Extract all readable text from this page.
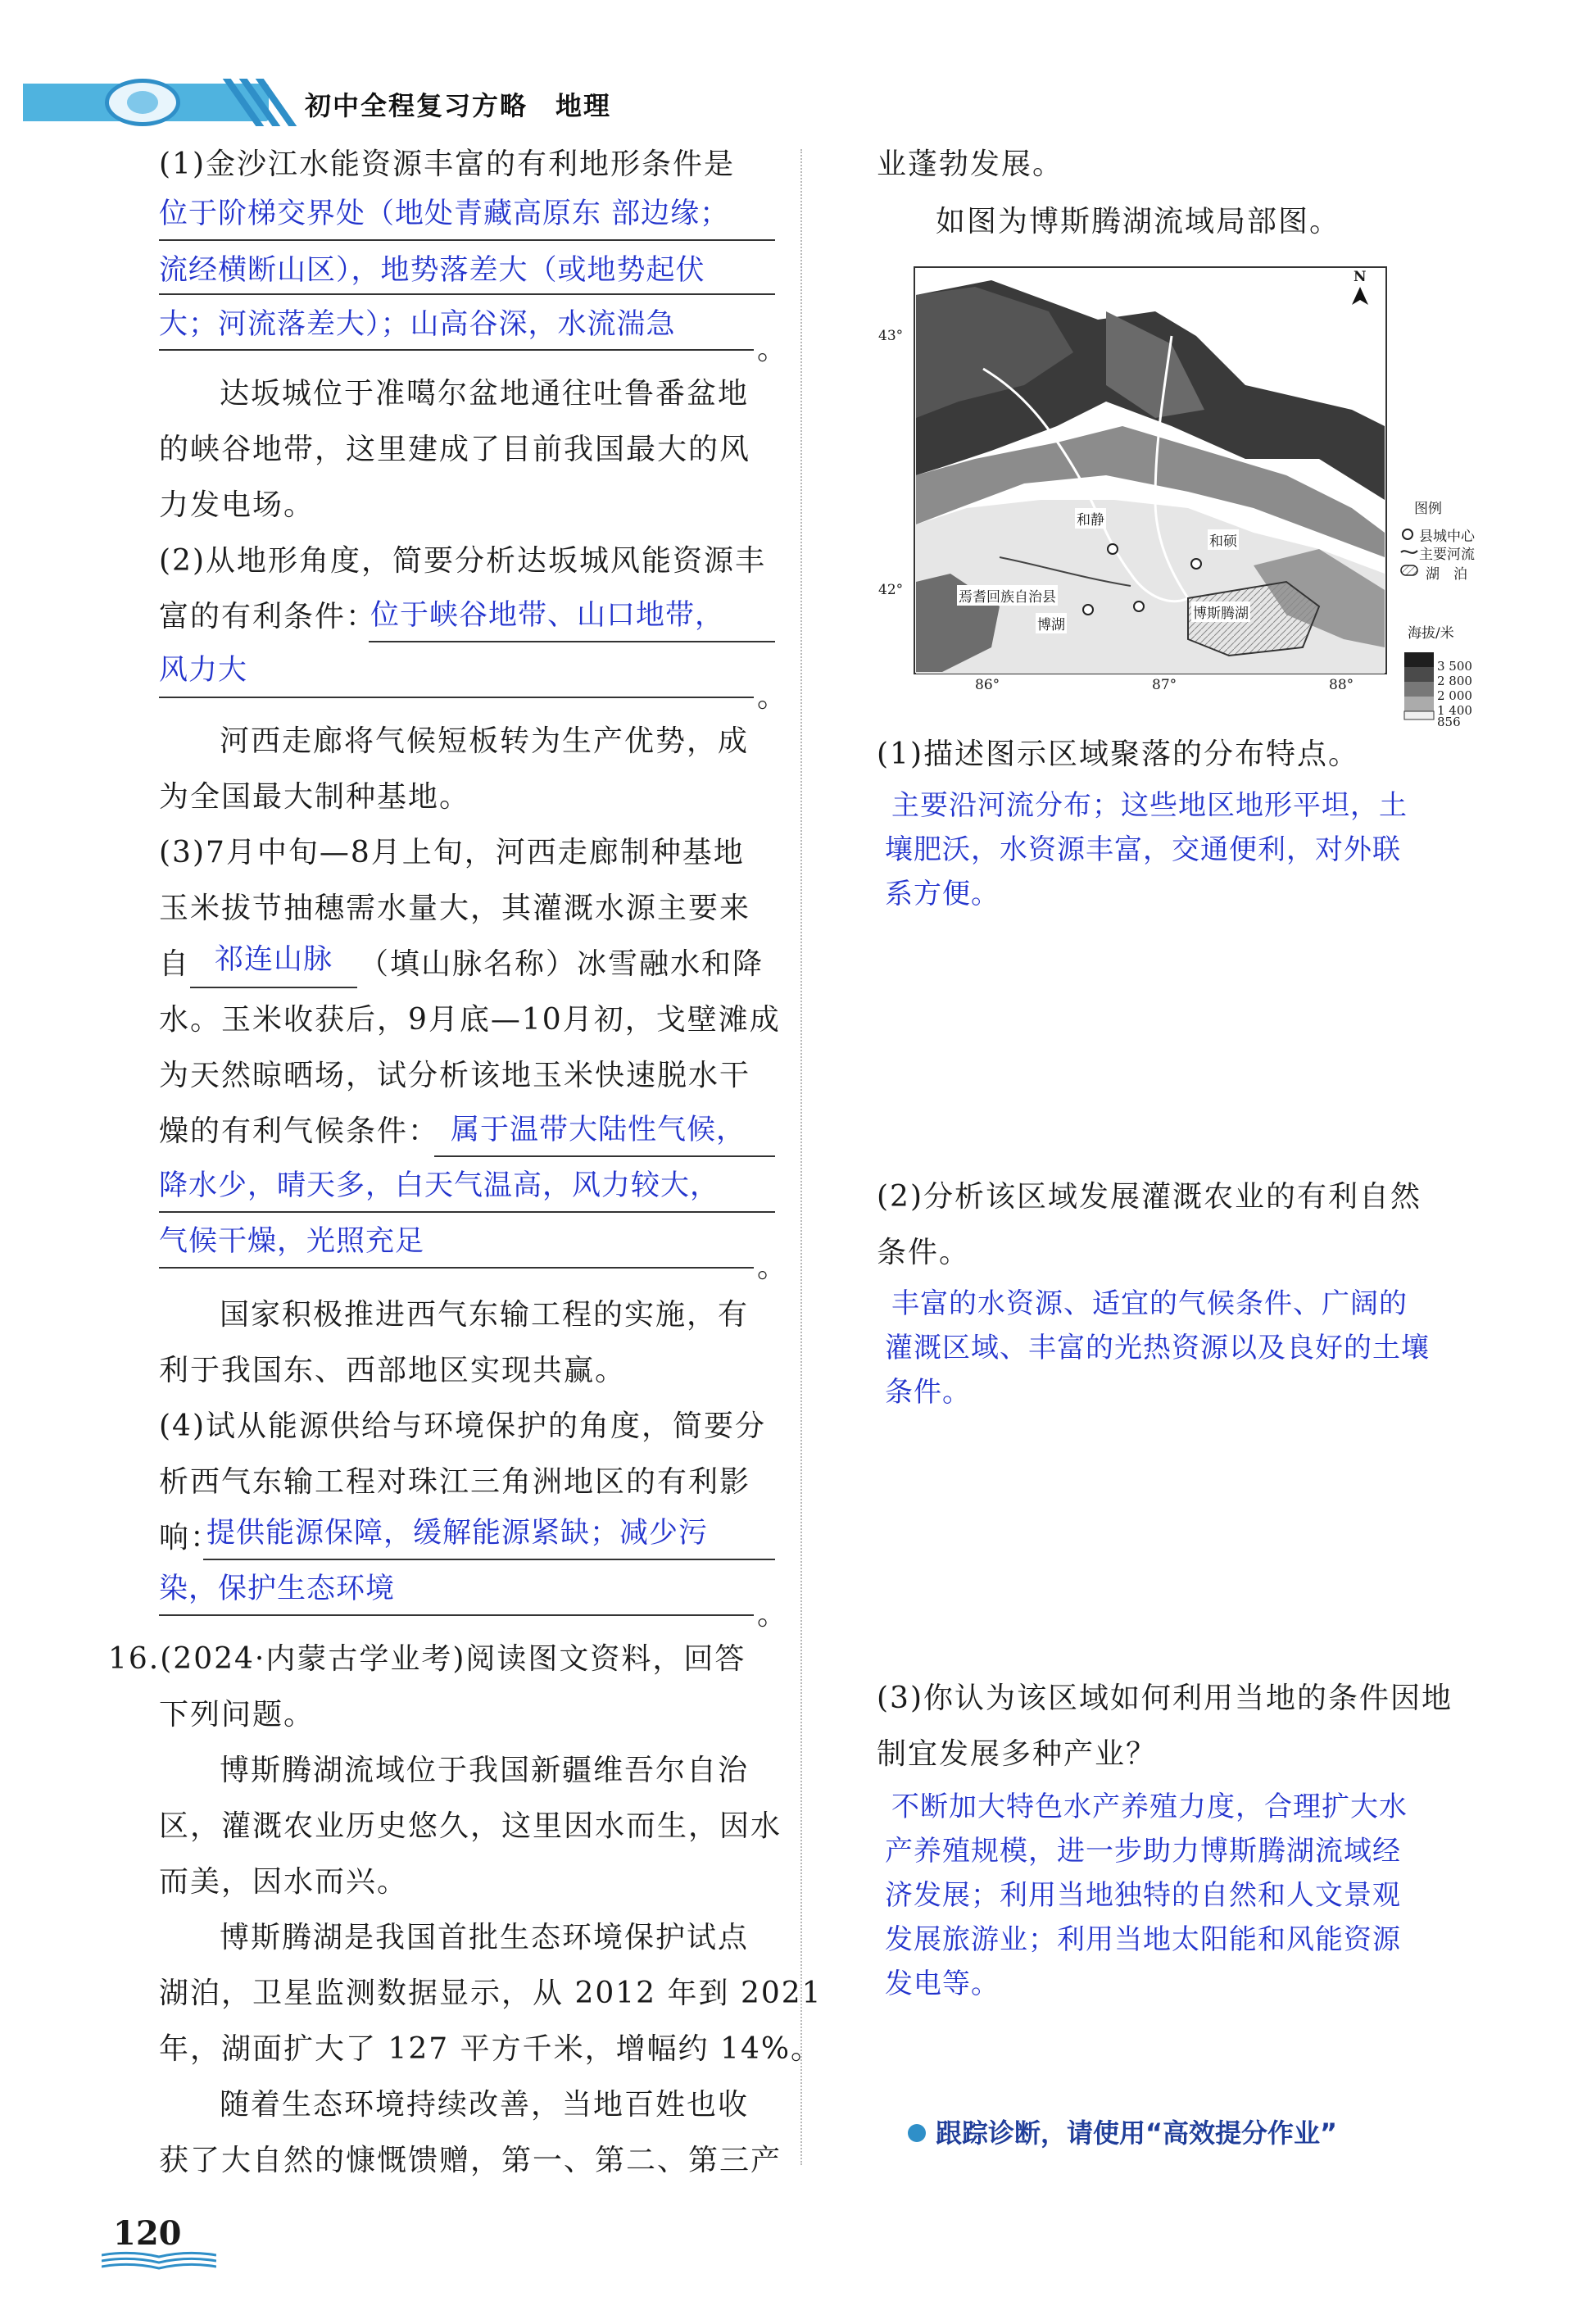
初中全程复习方略　地理
(1)金沙江水能资源丰富的有利地形条件是
位于阶梯交界处（地处青藏高原东 部边缘；
流经横断山区），地势落差大（或地势起伏
大；河流落差大）；山高谷深，水流湍急
。
达坂城位于准噶尔盆地通往吐鲁番盆地
的峡谷地带，这里建成了目前我国最大的风
力发电场。
(2)从地形角度，简要分析达坂城风能资源丰
富的有利条件：
位于峡谷地带、山口地带，
风力大
。
河西走廊将气候短板转为生产优势，成
为全国最大制种基地。
(3)7月中旬—8月上旬，河西走廊制种基地
玉米拔节抽穗需水量大，其灌溉水源主要来
自 祁连山脉 （填山脉名称）冰雪融水和降
水。玉米收获后，9月底—10月初，戈壁滩成
为天然晾晒场，试分析该地玉米快速脱水干
燥的有利气候条件： 属于温带大陆性气候，
降水少，晴天多，白天气温高，风力较大，
气候干燥，光照充足
。
国家积极推进西气东输工程的实施，有
利于我国东、西部地区实现共赢。
(4)试从能源供给与环境保护的角度，简要分
析西气东输工程对珠江三角洲地区的有利影
响：
提供能源保障，缓解能源紧缺；减少污
染，保护生态环境
。
16.(2024·内蒙古学业考)阅读图文资料，回答
下列问题。
博斯腾湖流域位于我国新疆维吾尔自治
区，灌溉农业历史悠久，这里因水而生，因水
而美，因水而兴。
博斯腾湖是我国首批生态环境保护试点
湖泊，卫星监测数据显示，从 2012 年到 2021
年，湖面扩大了 127 平方千米，增幅约 14%。
随着生态环境持续改善，当地百姓也收
获了大自然的慷慨馈赠，第一、第二、第三产
业蓬勃发展。
如图为博斯腾湖流域局部图。
N
43°
42°
86°	87°	88°
和静
和硕
焉耆回族自治县
博湖
博斯腾湖
图例
县城中心
主要河流
湖　泊
海拔/米
3 500
2 800
2 000
1 400
856
(1)描述图示区域聚落的分布特点。
主要沿河流分布；这些地区地形平坦，土
壤肥沃，水资源丰富，交通便利，对外联
系方便。
(2)分析该区域发展灌溉农业的有利自然
条件。
丰富的水资源、适宜的气候条件、广阔的
灌溉区域、丰富的光热资源以及良好的土壤
条件。
(3)你认为该区域如何利用当地的条件因地
制宜发展多种产业？
不断加大特色水产养殖力度，合理扩大水
产养殖规模，进一步助力博斯腾湖流域经
济发展；利用当地独特的自然和人文景观
发展旅游业；利用当地太阳能和风能资源
发电等。
跟踪诊断，请使用“高效提分作业”
120
